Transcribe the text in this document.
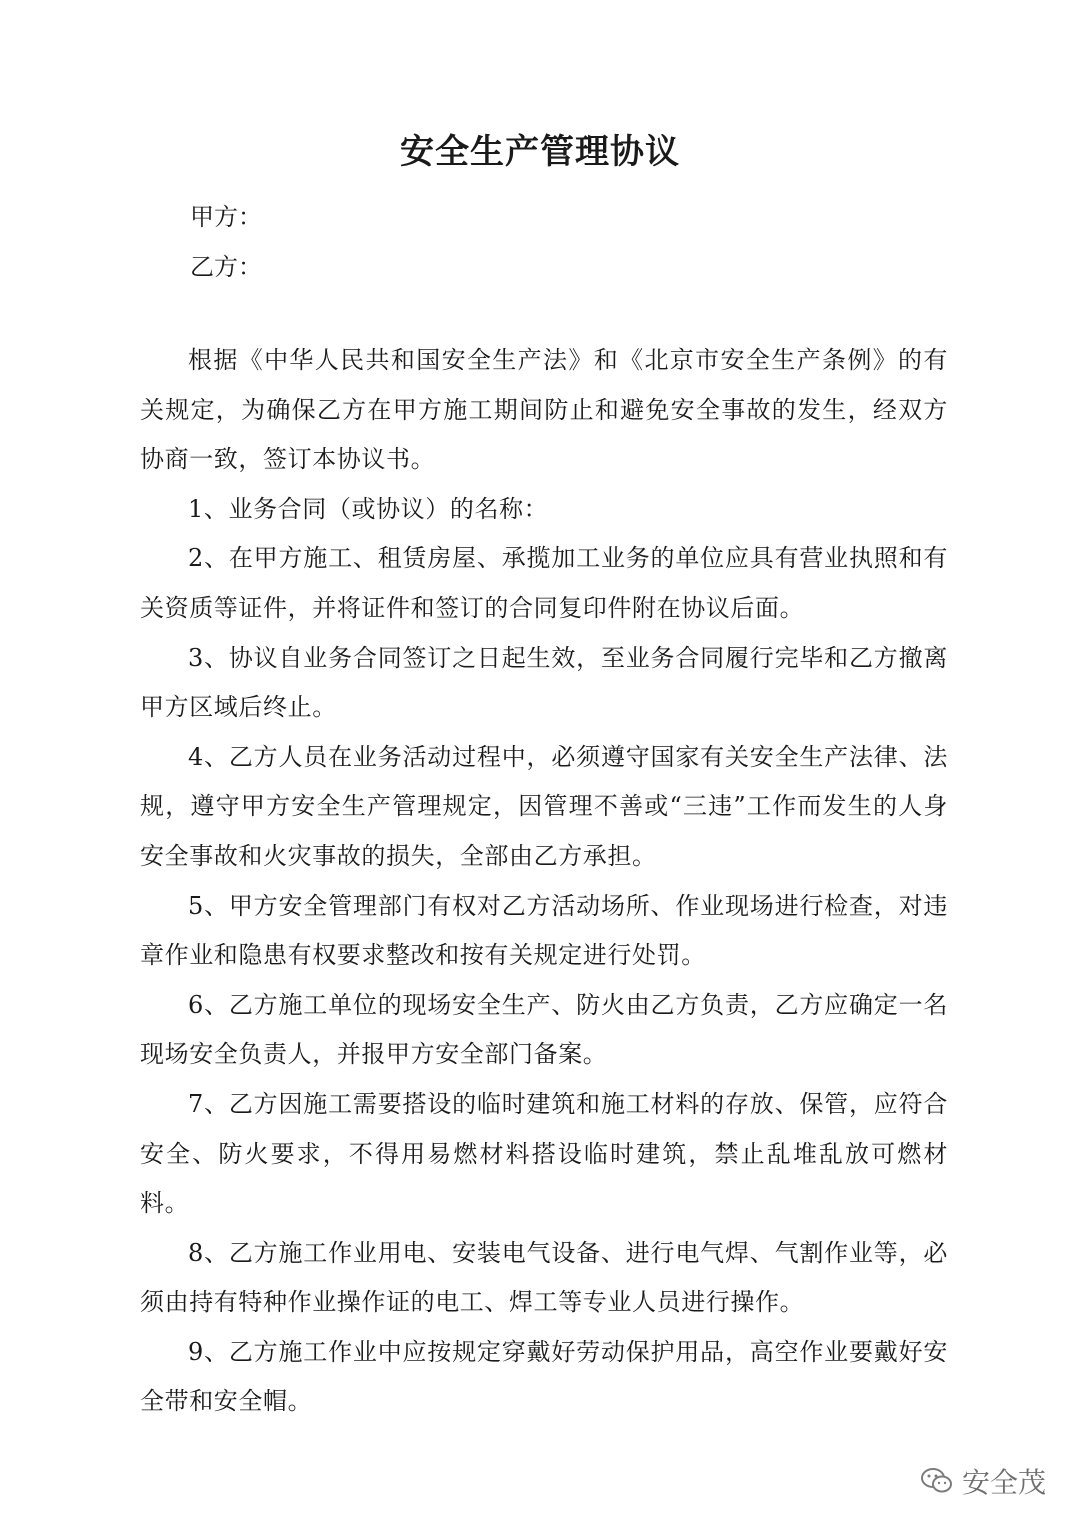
安全生产管理协议
甲方：
乙方：

根据《中华人民共和国安全生产法》和《北京市安全生产条例》的有关规定，为确保乙方在甲方施工期间防止和避免安全事故的发生，经双方协商一致，签订本协议书。

1、业务合同（或协议）的名称：

2、在甲方施工、租赁房屋、承揽加工业务的单位应具有营业执照和有关资质等证件，并将证件和签订的合同复印件附在协议后面。

3、协议自业务合同签订之日起生效，至业务合同履行完毕和乙方撤离甲方区域后终止。

4、乙方人员在业务活动过程中，必须遵守国家有关安全生产法律、法规，遵守甲方安全生产管理规定，因管理不善或“三违”工作而发生的人身安全事故和火灾事故的损失，全部由乙方承担。

5、甲方安全管理部门有权对乙方活动场所、作业现场进行检查，对违章作业和隐患有权要求整改和按有关规定进行处罚。

6、乙方施工单位的现场安全生产、防火由乙方负责，乙方应确定一名现场安全负责人，并报甲方安全部门备案。

7、乙方因施工需要搭设的临时建筑和施工材料的存放、保管，应符合安全、防火要求，不得用易燃材料搭设临时建筑，禁止乱堆乱放可燃材料。

8、乙方施工作业用电、安装电气设备、进行电气焊、气割作业等，必须由持有特种作业操作证的电工、焊工等专业人员进行操作。

9、乙方施工作业中应按规定穿戴好劳动保护用品，高空作业要戴好安全带和安全帽。

安全茂
